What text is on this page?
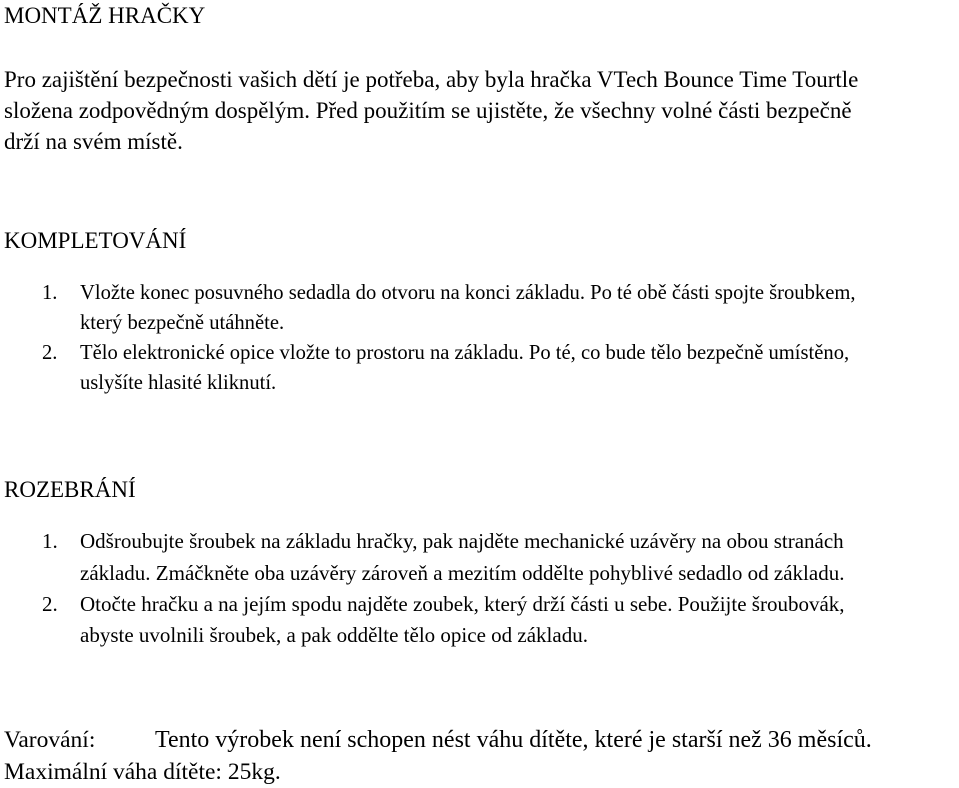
MONTÁŽ HRAČKY
Pro zajištění bezpečnosti vašich dětí je potřeba, aby byla hračka VTech Bounce Time Tourtle
složena zodpovědným dospělým. Před použitím se ujistěte, že všechny volné části bezpečně
drží na svém místě.
KOMPLETOVÁNÍ
1. Vložte konec posuvného sedadla do otvoru na konci základu. Po té obě části spojte šroubkem,
který bezpečně utáhněte.
2. Tělo elektronické opice vložte to prostoru na základu. Po té, co bude tělo bezpečně umístěno,
uslyšíte hlasité kliknutí.
ROZEBRÁNÍ
1. Odšroubujte šroubek na základu hračky, pak najděte mechanické uzávěry na obou stranách
základu. Zmáčkněte oba uzávěry zároveň a mezitím oddělte pohyblivé sedadlo od základu.
2. Otočte hračku a na jejím spodu najděte zoubek, který drží části u sebe. Použijte šroubovák,
abyste uvolnili šroubek, a pak oddělte tělo opice od základu.
Varování: Tento výrobek není schopen nést váhu dítěte, které je starší než 36 měsíců.
Maximální váha dítěte: 25kg.
